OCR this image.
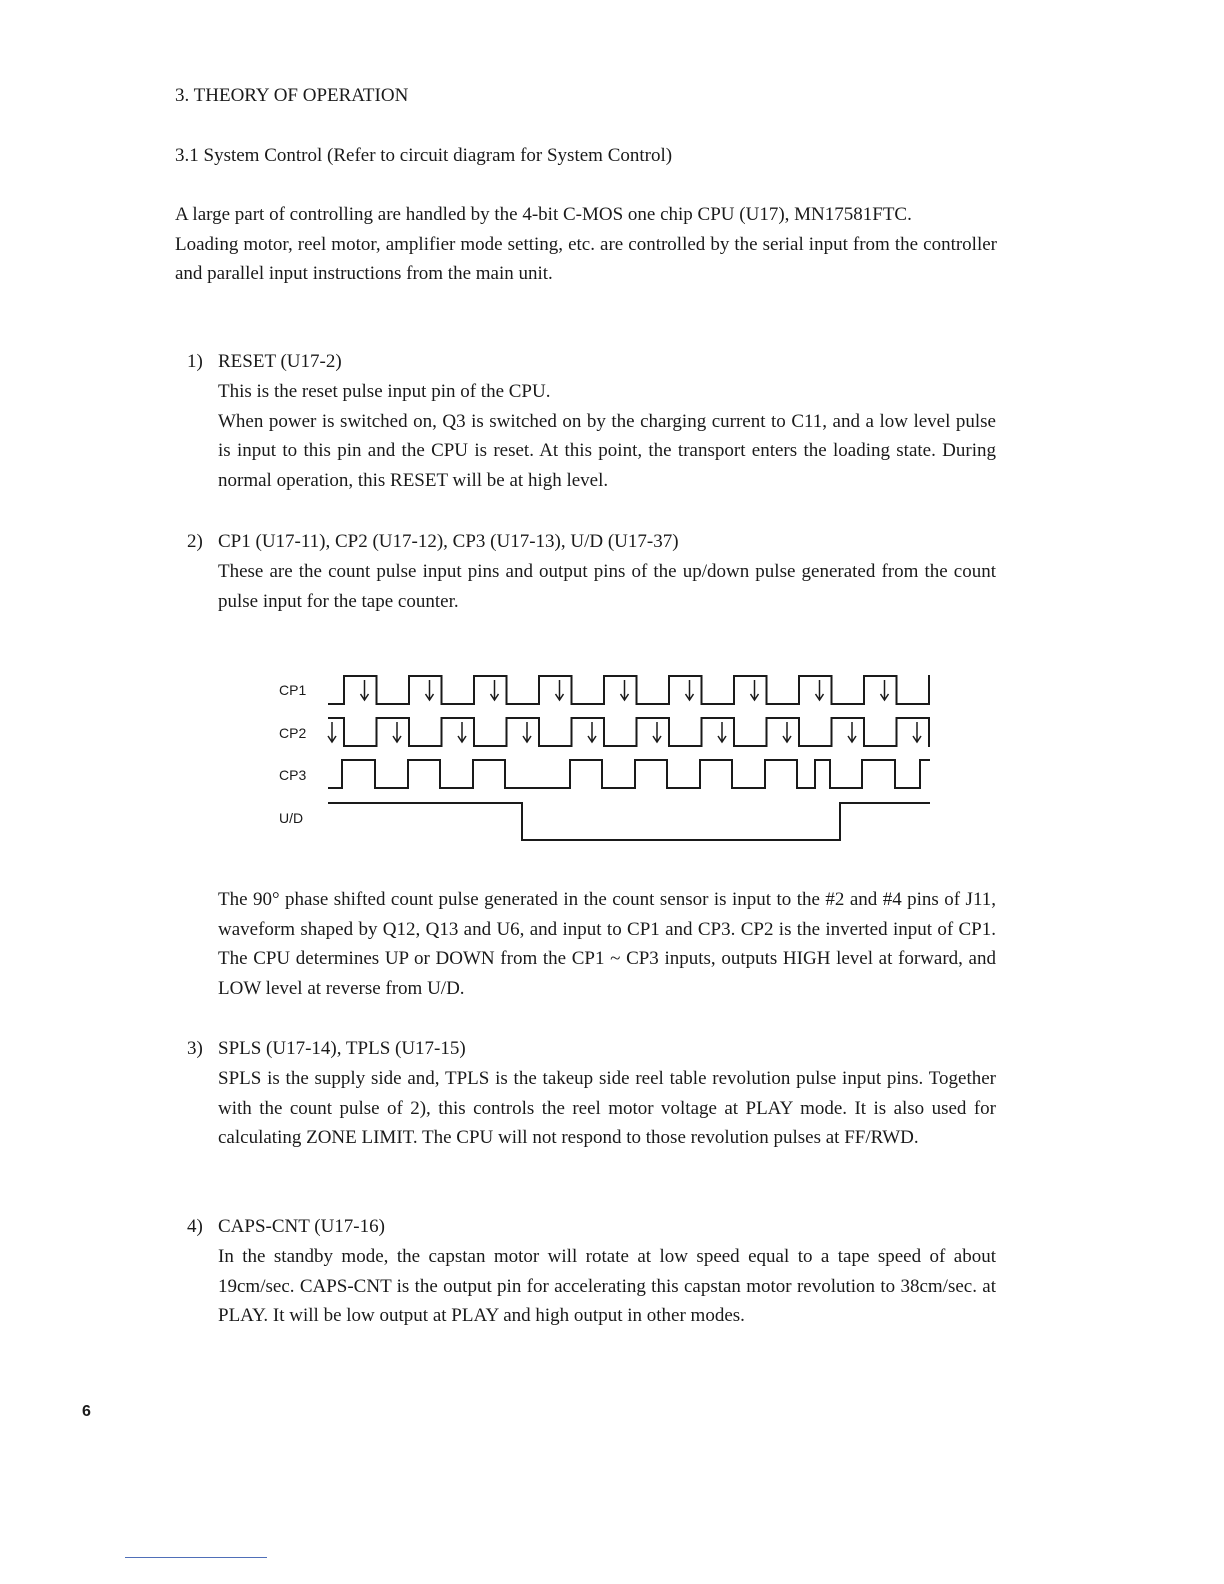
3. THEORY OF OPERATION

3.1 System Control (Refer to circuit diagram for System Control)

A large part of controlling are handled by the 4-bit C-MOS one chip CPU (U17), MN17581FTC.
Loading motor, reel motor, amplifier mode setting, etc. are controlled by the serial input from the controller and parallel input instructions from the main unit.

1) RESET (U17-2)

This is the reset pulse input pin of the CPU.
When power is switched on, Q3 is switched on by the charging current to C11, and a low level pulse is input to this pin and the CPU is reset. At this point, the transport enters the loading state. During normal operation, this RESET will be at high level.

2) CP1 (U17-11), CP2 (U17-12), CP3 (U17-13), U/D (U17-37)

These are the count pulse input pins and output pins of the up/down pulse generated from the count pulse input for the tape counter.
CP1
CP2
CP3
U/D
The 90° phase shifted count pulse generated in the count sensor is input to the #2 and #4 pins of J11, waveform shaped by Q12, Q13 and U6, and input to CP1 and CP3. CP2 is the inverted input of CP1. The CPU determines UP or DOWN from the CP1 ~ CP3 inputs, outputs HIGH level at forward, and LOW level at reverse from U/D.

3) SPLS (U17-14), TPLS (U17-15)

SPLS is the supply side and, TPLS is the takeup side reel table revolution pulse input pins. Together with the count pulse of 2), this controls the reel motor voltage at PLAY mode. It is also used for calculating ZONE LIMIT. The CPU will not respond to those revolution pulses at FF/RWD.

4) CAPS-CNT (U17-16)

In the standby mode, the capstan motor will rotate at low speed equal to a tape speed of about 19cm/sec. CAPS-CNT is the output pin for accelerating this capstan motor revolution to 38cm/sec. at PLAY. It will be low output at PLAY and high output in other modes.
6
